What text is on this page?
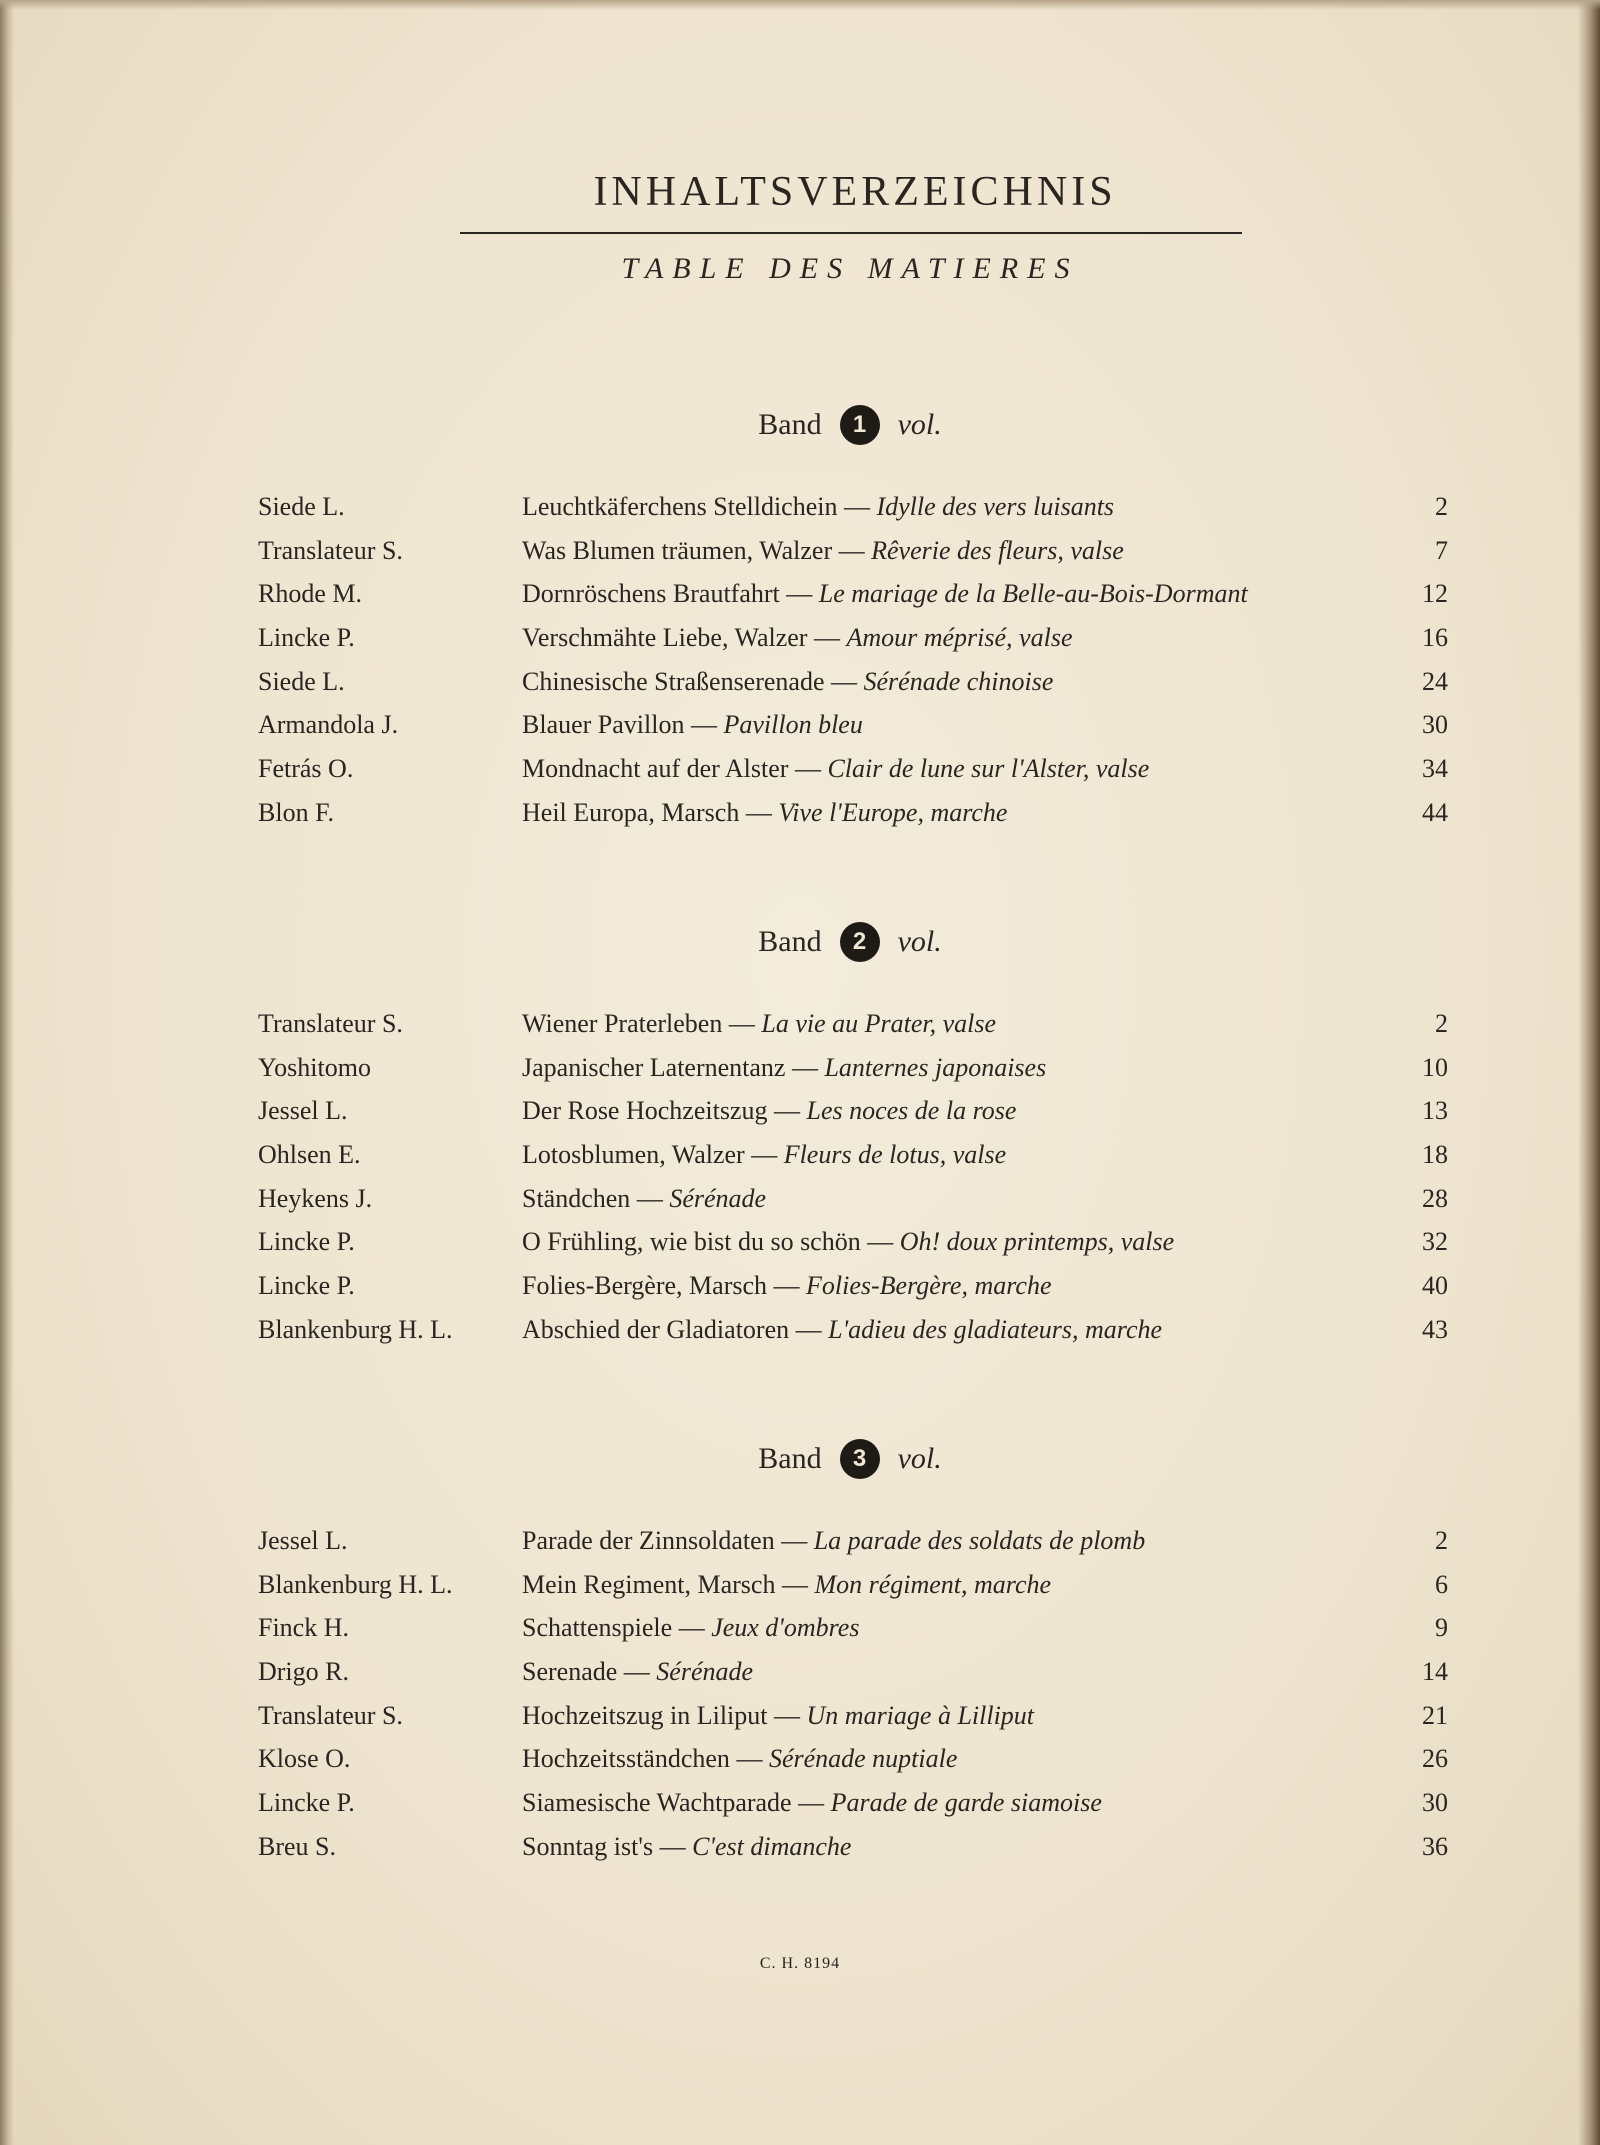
INHALTSVERZEICHNIS
TABLE DES MATIERES
Band	1	vol.
Siede L.	Leuchtkäferchens Stelldichein — Idylle des vers luisants	2
Translateur S.	Was Blumen träumen, Walzer — Rêverie des fleurs, valse	7
Rhode M.	Dornröschens Brautfahrt — Le mariage de la Belle-au-Bois-Dormant	12
Lincke P.	Verschmähte Liebe, Walzer — Amour méprisé, valse	16
Siede L.	Chinesische Straßenserenade — Sérénade chinoise	24
Armandola J.	Blauer Pavillon — Pavillon bleu	30
Fetrás O.	Mondnacht auf der Alster — Clair de lune sur l'Alster, valse	34
Blon F.	Heil Europa, Marsch — Vive l'Europe, marche	44
Band	2	vol.
Translateur S.	Wiener Praterleben — La vie au Prater, valse	2
Yoshitomo	Japanischer Laternentanz — Lanternes japonaises	10
Jessel L.	Der Rose Hochzeitszug — Les noces de la rose	13
Ohlsen E.	Lotosblumen, Walzer — Fleurs de lotus, valse	18
Heykens J.	Ständchen — Sérénade	28
Lincke P.	O Frühling, wie bist du so schön — Oh! doux printemps, valse	32
Lincke P.	Folies-Bergère, Marsch — Folies-Bergère, marche	40
Blankenburg H. L.	Abschied der Gladiatoren — L'adieu des gladiateurs, marche	43
Band	3	vol.
Jessel L.	Parade der Zinnsoldaten — La parade des soldats de plomb	2
Blankenburg H. L.	Mein Regiment, Marsch — Mon régiment, marche	6
Finck H.	Schattenspiele — Jeux d'ombres	9
Drigo R.	Serenade — Sérénade	14
Translateur S.	Hochzeitszug in Liliput — Un mariage à Lilliput	21
Klose O.	Hochzeitsständchen — Sérénade nuptiale	26
Lincke P.	Siamesische Wachtparade — Parade de garde siamoise	30
Breu S.	Sonntag ist's — C'est dimanche	36
C. H. 8194
